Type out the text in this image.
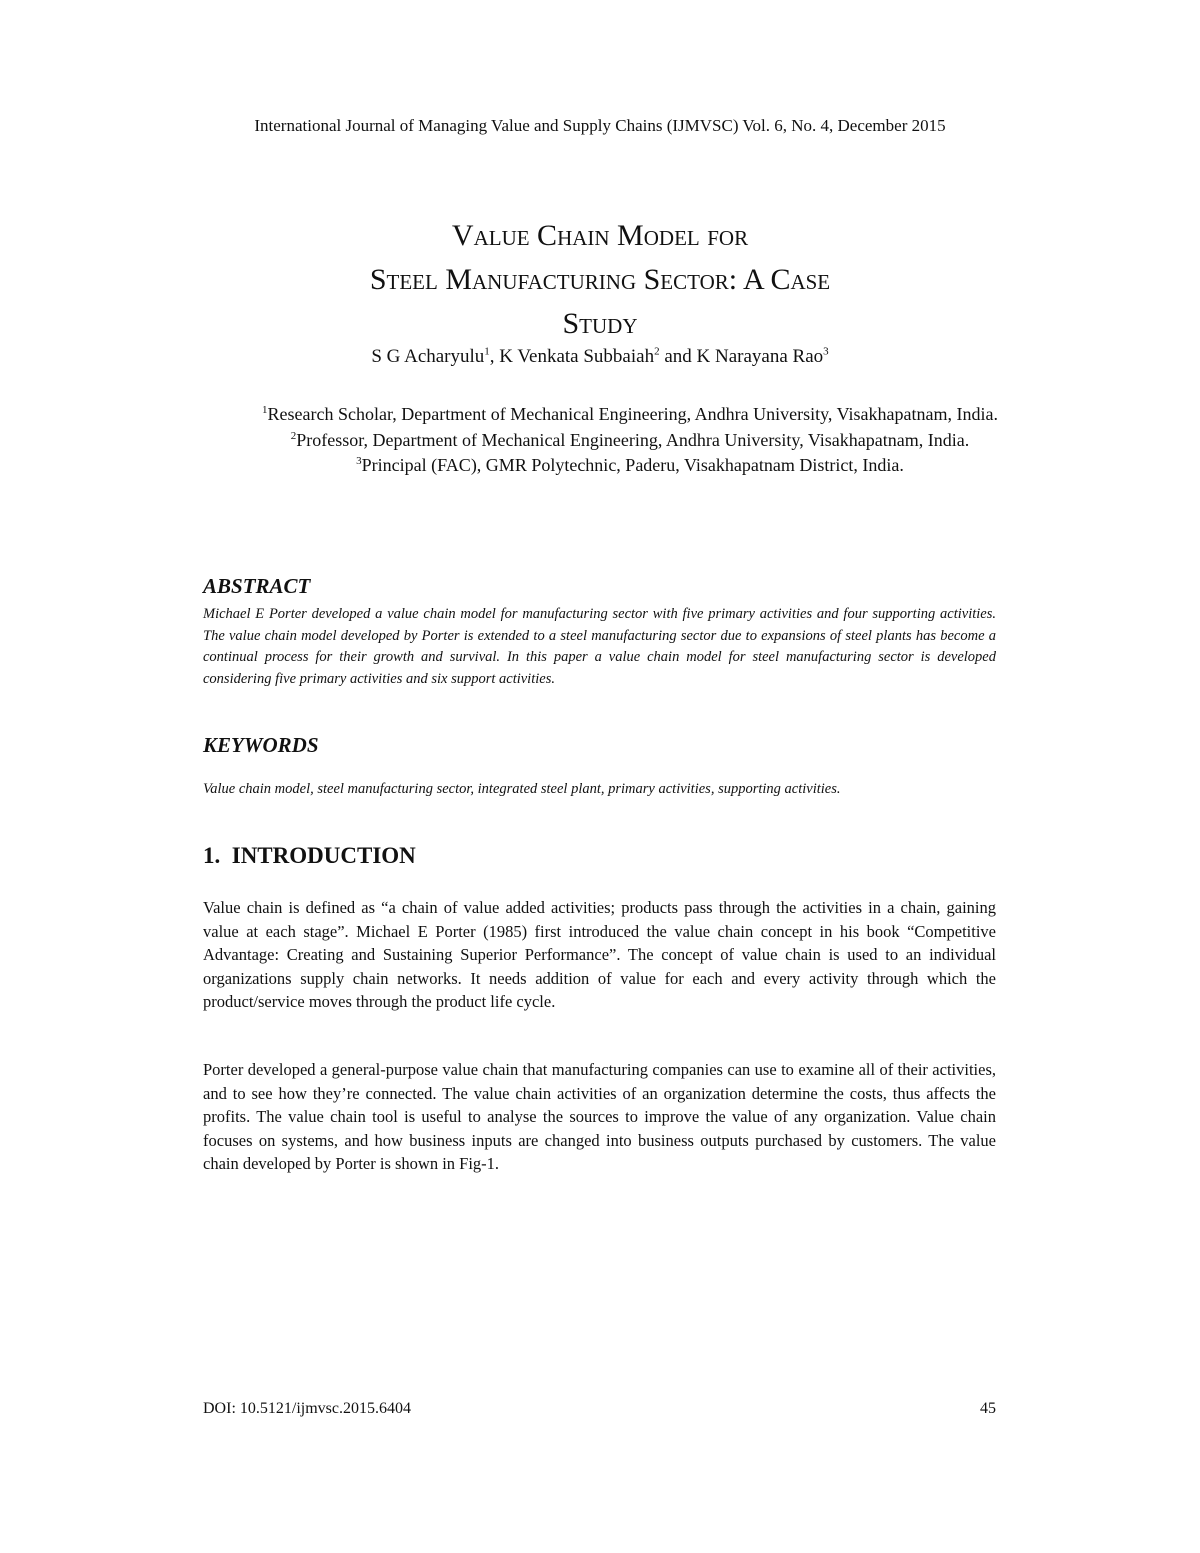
International Journal of Managing Value and Supply Chains (IJMVSC) Vol. 6, No. 4, December 2015
Value Chain Model for
Steel Manufacturing Sector: A Case
Study
S G Acharyulu$^1$, K Venkata Subbaiah$^2$ and K Narayana Rao$^3$
$^1$Research Scholar, Department of Mechanical Engineering, Andhra University, Visakhapatnam, India.
$^2$Professor, Department of Mechanical Engineering, Andhra University, Visakhapatnam, India.
$^3$Principal (FAC), GMR Polytechnic, Paderu, Visakhapatnam District, India.
ABSTRACT

Michael E Porter developed a value chain model for manufacturing sector with five primary activities and four supporting activities. The value chain model developed by Porter is extended to a steel manufacturing sector due to expansions of steel plants has become a continual process for their growth and survival. In this paper a value chain model for steel manufacturing sector is developed considering five primary activities and six support activities.

KEYWORDS

Value chain model, steel manufacturing sector, integrated steel plant, primary activities, supporting activities.

1.  INTRODUCTION

Value chain is defined as “a chain of value added activities; products pass through the activities in a chain, gaining value at each stage”. Michael E Porter (1985) first introduced the value chain concept in his book “Competitive Advantage: Creating and Sustaining Superior Performance”. The concept of value chain is used to an individual organizations supply chain networks. It needs addition of value for each and every activity through which the product/service moves through the product life cycle.

Porter developed a general-purpose value chain that manufacturing companies can use to examine all of their activities, and to see how they’re connected. The value chain activities of an organization determine the costs, thus affects the profits. The value chain tool is useful to analyse the sources to improve the value of any organization. Value chain focuses on systems, and how business inputs are changed into business outputs purchased by customers. The value chain developed by Porter is shown in Fig-1.

DOI: 10.5121/ijmvsc.2015.6404	45
